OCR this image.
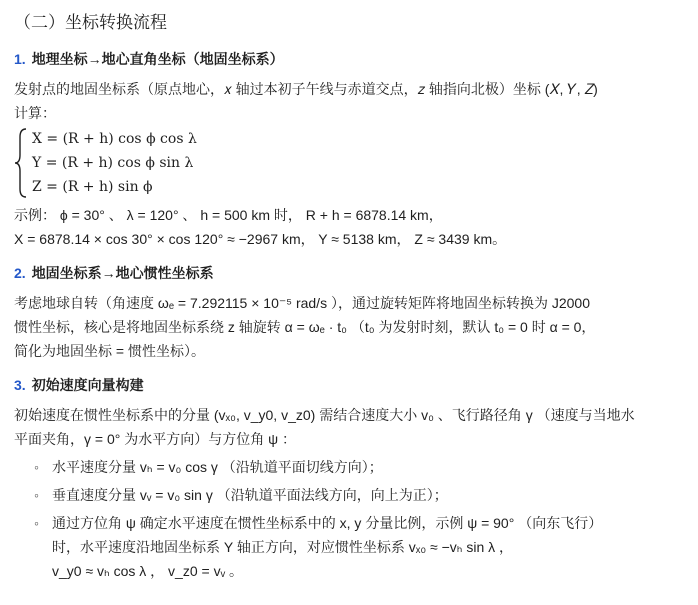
（二）坐标转换流程
1. 地理坐标→地心直角坐标（地固坐标系）

发射点的地固坐标系（原点地心，𝑥 轴过本初子午线与赤道交点，𝑧 轴指向北极）坐标 (𝑋, 𝑌, 𝑍)

计算：

X = (R + h) cos ϕ cos λ
Y = (R + h) cos ϕ sin λ
Z = (R + h) sin ϕ

示例： ϕ = 30° 、 λ = 120° 、 h = 500 km 时， R + h = 6878.14 km，

X = 6878.14 × cos 30° × cos 120° ≈ −2967 km， Y ≈ 5138 km， Z ≈ 3439 km。

2. 地固坐标系→地心惯性坐标系

考虑地球自转（角速度 ωₑ = 7.292115 × 10⁻⁵ rad/s ），通过旋转矩阵将地固坐标转换为 J2000

惯性坐标，核心是将地固坐标系绕 z 轴旋转 α = ωₑ · t₀ （t₀ 为发射时刻，默认 t₀ = 0 时 α = 0，

简化为地固坐标 = 惯性坐标）。

3. 初始速度向量构建

初始速度在惯性坐标系中的分量 (vₓ₀, v_y0, v_z0) 需结合速度大小 v₀ 、飞行路径角 γ （速度与当地水

平面夹角，γ = 0° 为水平方向）与方位角 ψ ：

◦ 水平速度分量 vₕ = v₀ cos γ （沿轨道平面切线方向）；
◦ 垂直速度分量 vᵥ = v₀ sin γ （沿轨道平面法线方向，向上为正）；
◦ 通过方位角 ψ 确定水平速度在惯性坐标系中的 x, y 分量比例，示例 ψ = 90° （向东飞行）
时，水平速度沿地固坐标系 Y 轴正方向，对应惯性坐标系 vₓ₀ ≈ −vₕ sin λ ，
v_y0 ≈ vₕ cos λ ， v_z0 = vᵥ 。
